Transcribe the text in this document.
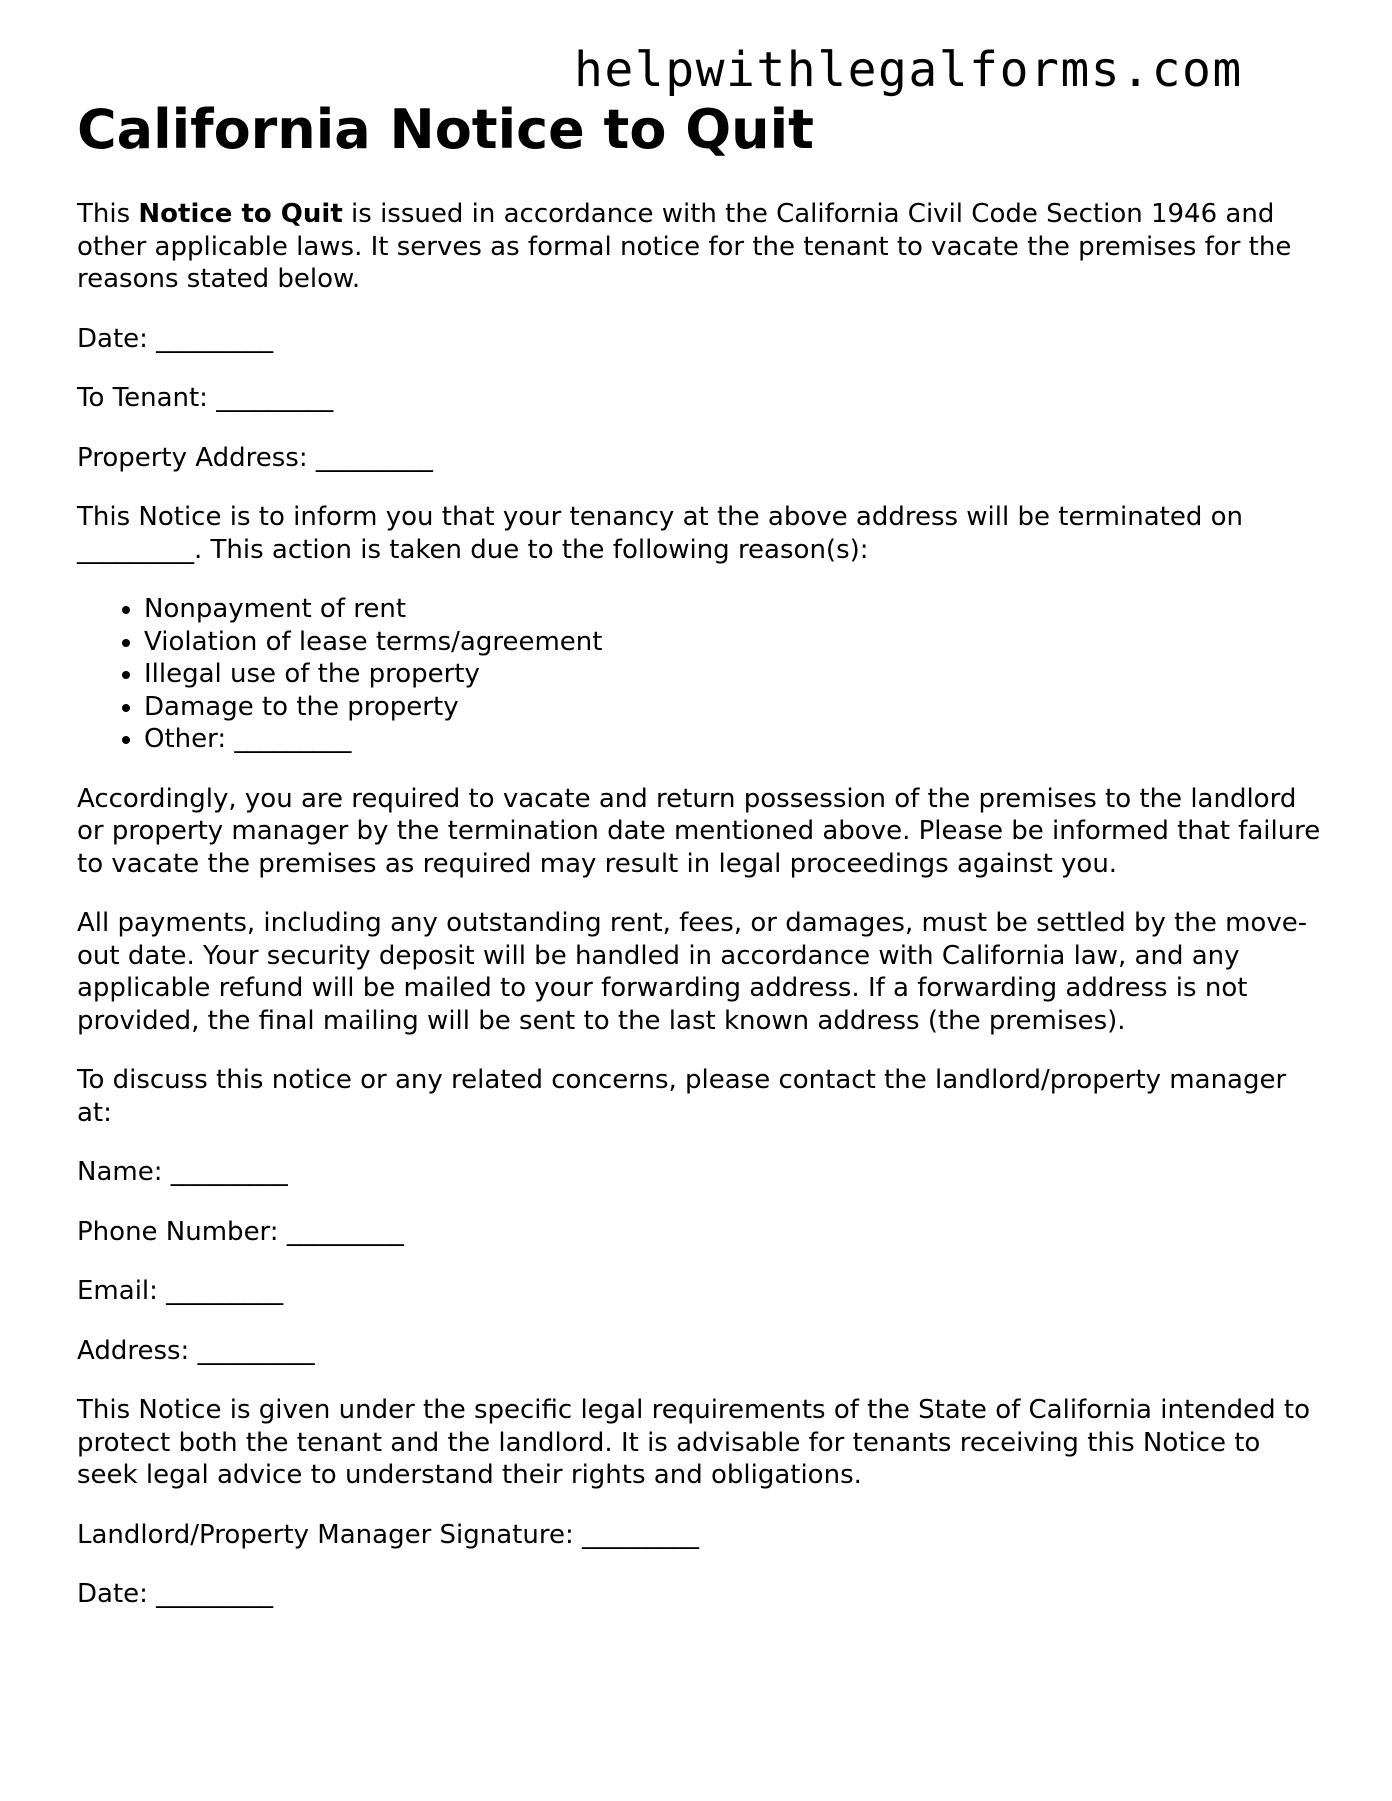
helpwithlegalforms.com
California Notice to Quit

This Notice to Quit is issued in accordance with the California Civil Code Section 1946 and other applicable laws. It serves as formal notice for the tenant to vacate the premises for the reasons stated below.

Date: _________

To Tenant: _________

Property Address: _________

This Notice is to inform you that your tenancy at the above address will be terminated on _________. This action is taken due to the following reason(s):

• Nonpayment of rent
• Violation of lease terms/agreement
• Illegal use of the property
• Damage to the property
• Other: _________

Accordingly, you are required to vacate and return possession of the premises to the landlord or property manager by the termination date mentioned above. Please be informed that failure to vacate the premises as required may result in legal proceedings against you.

All payments, including any outstanding rent, fees, or damages, must be settled by the move-out date. Your security deposit will be handled in accordance with California law, and any applicable refund will be mailed to your forwarding address. If a forwarding address is not provided, the final mailing will be sent to the last known address (the premises).

To discuss this notice or any related concerns, please contact the landlord/property manager at:

Name: _________

Phone Number: _________

Email: _________

Address: _________

This Notice is given under the specific legal requirements of the State of California intended to protect both the tenant and the landlord. It is advisable for tenants receiving this Notice to seek legal advice to understand their rights and obligations.

Landlord/Property Manager Signature: _________

Date: _________
